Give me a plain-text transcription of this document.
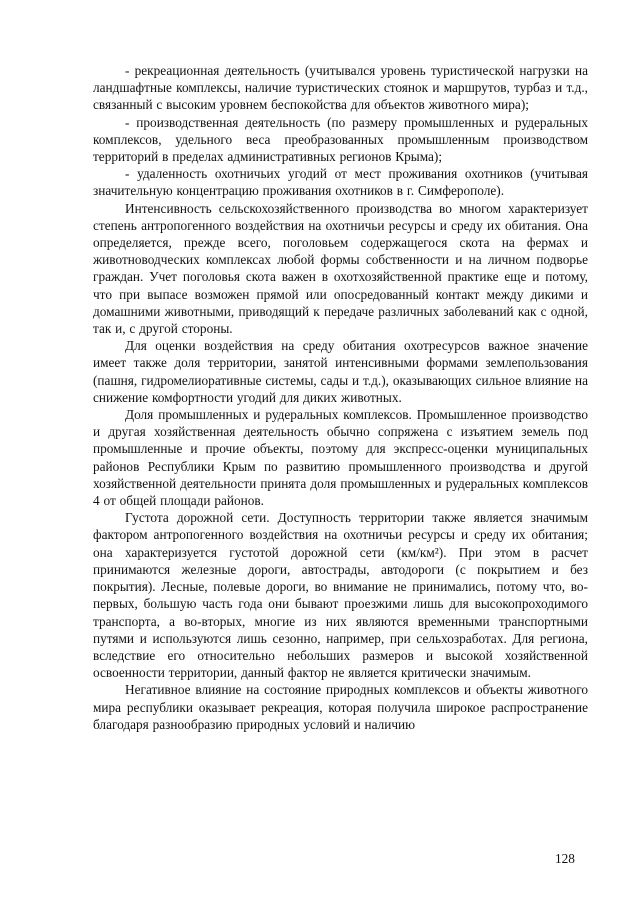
- рекреационная деятельность (учитывался уровень туристической нагрузки на ландшафтные комплексы, наличие туристических стоянок и маршрутов, турбаз и т.д., связанный с высоким уровнем беспокойства для объектов животного мира);

- производственная деятельность (по размеру промышленных и рудеральных комплексов, удельного веса преобразованных промышленным производством территорий в пределах административных регионов Крыма);

- удаленность охотничьих угодий от мест проживания охотников (учитывая значительную концентрацию проживания охотников в г. Симферополе).

Интенсивность сельскохозяйственного производства во многом характеризует степень антропогенного воздействия на охотничьи ресурсы и среду их обитания. Она определяется, прежде всего, поголовьем содержащегося скота на фермах и животноводческих комплексах любой формы собственности и на личном подворье граждан. Учет поголовья скота важен в охотхозяйственной практике еще и потому, что при выпасе возможен прямой или опосредованный контакт между дикими и домашними животными, приводящий к передаче различных заболеваний как с одной, так и, с другой стороны.

Для оценки воздействия на среду обитания охотресурсов важное значение имеет также доля территории, занятой интенсивными формами землепользования (пашня, гидромелиоративные системы, сады и т.д.), оказывающих сильное влияние на снижение комфортности угодий для диких животных.

Доля промышленных и рудеральных комплексов. Промышленное производство и другая хозяйственная деятельность обычно сопряжена с изъятием земель под промышленные и прочие объекты, поэтому для экспресс-оценки муниципальных районов Республики Крым по развитию промышленного производства и другой хозяйственной деятельности принята доля промышленных и рудеральных комплексов 4 от общей площади районов.

Густота дорожной сети. Доступность территории также является значимым фактором антропогенного воздействия на охотничьи ресурсы и среду их обитания; она характеризуется густотой дорожной сети (км/км²). При этом в расчет принимаются железные дороги, автострады, автодороги (с покрытием и без покрытия). Лесные, полевые дороги, во внимание не принимались, потому что, во-первых, большую часть года они бывают проезжими лишь для высокопроходимого транспорта, а во-вторых, многие из них являются временными транспортными путями и используются лишь сезонно, например, при сельхозработах. Для региона, вследствие его относительно небольших размеров и высокой хозяйственной освоенности территории, данный фактор не является критически значимым.

Негативное влияние на состояние природных комплексов и объекты животного мира республики оказывает рекреация, которая получила широкое распространение благодаря разнообразию природных условий и наличию

128
